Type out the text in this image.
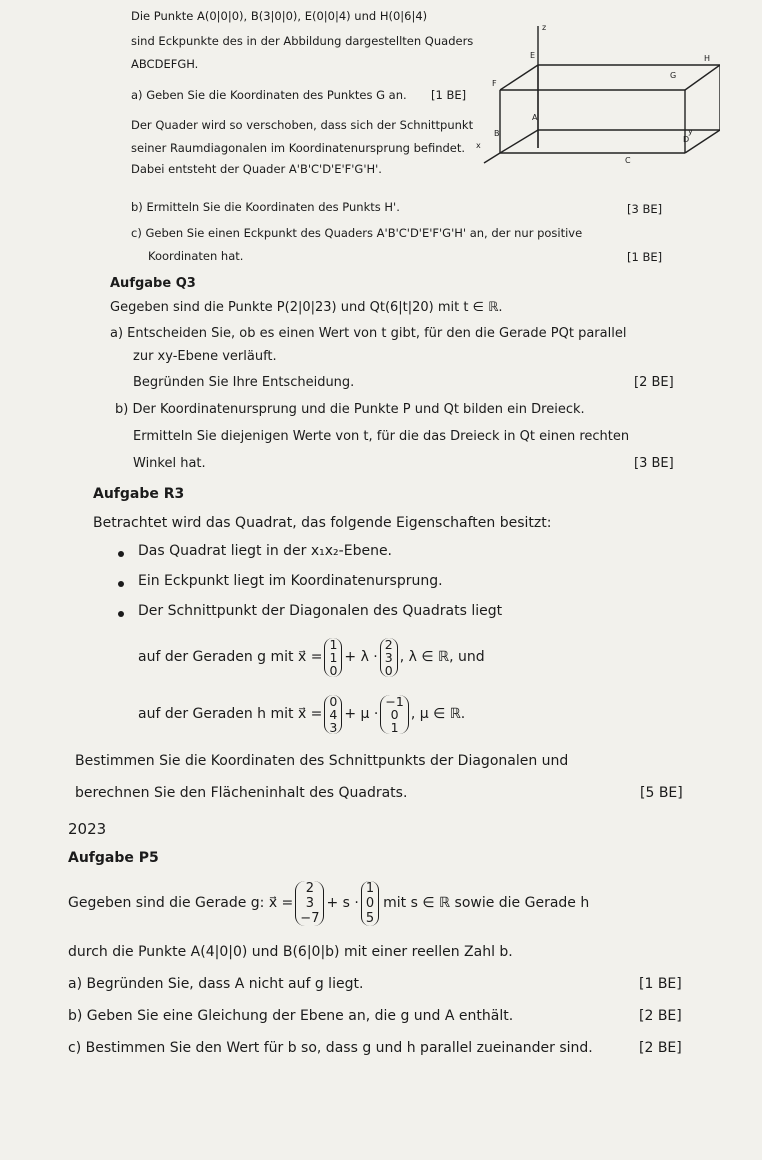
Die Punkte A(0|0|0), B(3|0|0), E(0|0|4) und H(0|6|4)
sind Eckpunkte des in der Abbildung dargestellten Quaders
ABCDEFGH.
a) Geben Sie die Koordinaten des Punktes G an. [1 BE]
Der Quader wird so verschoben, dass sich der Schnittpunkt
seiner Raumdiagonalen im Koordinatenursprung befindet.
Dabei entsteht der Quader A'B'C'D'E'F'G'H'.
z
E
F
H
G
A
B
x
D
y
C
b) Ermitteln Sie die Koordinaten des Punkts H'.	[3 BE]
c) Geben Sie einen Eckpunkt des Quaders A'B'C'D'E'F'G'H' an, der nur positive
Koordinaten hat.	[1 BE]
Aufgabe Q3
Gegeben sind die Punkte P(2|0|23) und Qt(6|t|20) mit t ∈ ℝ.
a) Entscheiden Sie, ob es einen Wert von t gibt, für den die Gerade PQt parallel
zur xy-Ebene verläuft.
Begründen Sie Ihre Entscheidung.	[2 BE]
b) Der Koordinatenursprung und die Punkte P und Qt bilden ein Dreieck.
Ermitteln Sie diejenigen Werte von t, für die das Dreieck in Qt einen rechten
Winkel hat.	[3 BE]
Aufgabe R3
Betrachtet wird das Quadrat, das folgende Eigenschaften besitzt:
Das Quadrat liegt in der x₁x₂-Ebene.
Ein Eckpunkt liegt im Koordinatenursprung.
Der Schnittpunkt der Diagonalen des Quadrats liegt
auf der Geraden g mit x⃗ =
1
1
0
+ λ ·
2
3
0
, λ ∈ ℝ, und
auf der Geraden h mit x⃗ =
0
4
3
+ μ ·
−1
0
1
, μ ∈ ℝ.
Bestimmen Sie die Koordinaten des Schnittpunkts der Diagonalen und
berechnen Sie den Flächeninhalt des Quadrats.	[5 BE]
2023
Aufgabe P5
Gegeben sind die Gerade g: x⃗ =
2
3
−7
+ s ·
1
0
5
mit s ∈ ℝ sowie die Gerade h
durch die Punkte A(4|0|0) und B(6|0|b) mit einer reellen Zahl b.
a) Begründen Sie, dass A nicht auf g liegt.	[1 BE]
b) Geben Sie eine Gleichung der Ebene an, die g und A enthält.	[2 BE]
c) Bestimmen Sie den Wert für b so, dass g und h parallel zueinander sind.	[2 BE]
